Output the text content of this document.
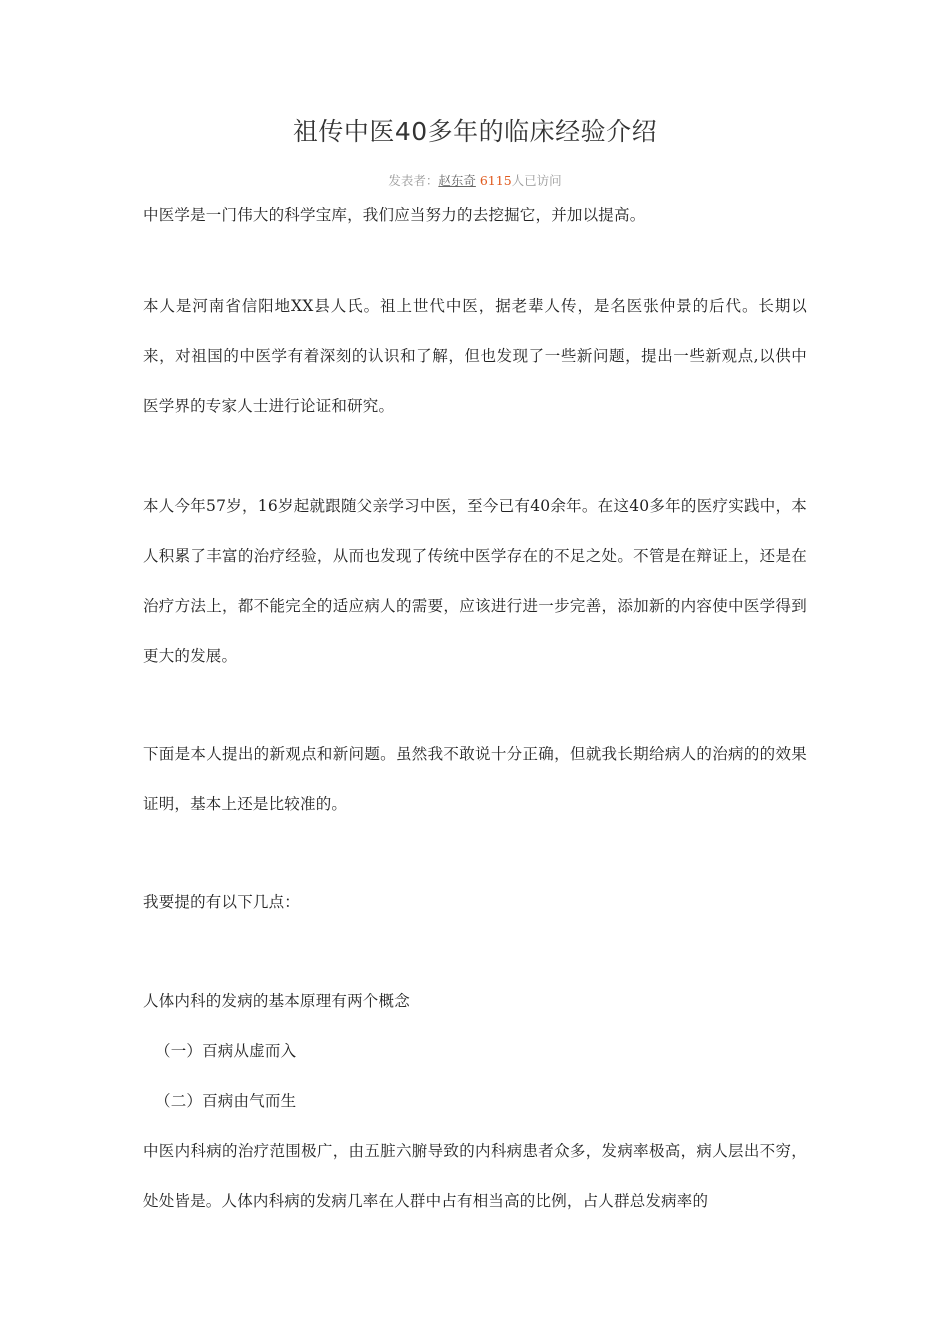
祖传中医40多年的临床经验介绍
发表者：赵东奇 6115人已访问

中医学是一门伟大的科学宝库，我们应当努力的去挖掘它，并加以提高。

本人是河南省信阳地XX县人氏。祖上世代中医，据老辈人传，是名医张仲景的后代。长期以来，对祖国的中医学有着深刻的认识和了解，但也发现了一些新问题，提出一些新观点,以供中医学界的专家人士进行论证和研究。

本人今年57岁，16岁起就跟随父亲学习中医，至今已有40余年。在这40多年的医疗实践中，本人积累了丰富的治疗经验，从而也发现了传统中医学存在的不足之处。不管是在辩证上，还是在治疗方法上，都不能完全的适应病人的需要，应该进行进一步完善，添加新的内容使中医学得到更大的发展。

下面是本人提出的新观点和新问题。虽然我不敢说十分正确，但就我长期给病人的治病的的效果证明，基本上还是比较准的。

我要提的有以下几点：

人体内科的发病的基本原理有两个概念

（一）百病从虚而入

（二）百病由气而生

中医内科病的治疗范围极广，由五脏六腑导致的内科病患者众多，发病率极高，病人层出不穷，处处皆是。人体内科病的发病几率在人群中占有相当高的比例，占人群总发病率的
